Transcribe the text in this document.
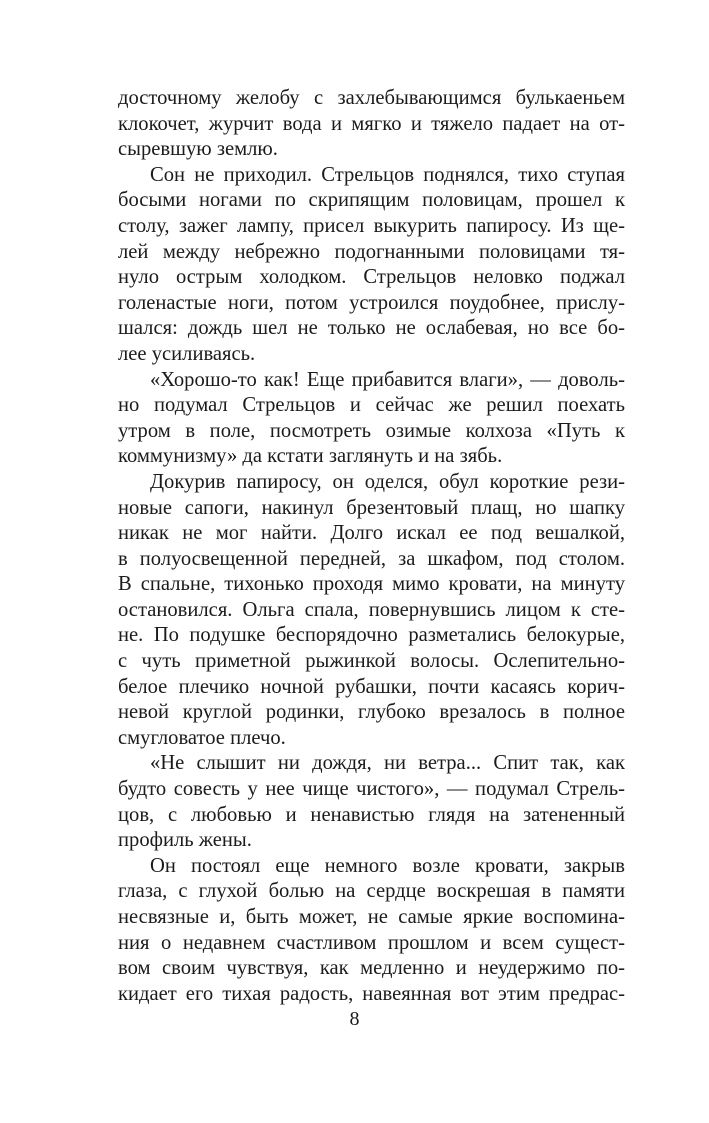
досточному желобу с захлебывающимся булькаеньем
клокочет, журчит вода и мягко и тяжело падает на от-
сыревшую землю.
Сон не приходил. Стрельцов поднялся, тихо ступая
босыми ногами по скрипящим половицам, прошел к
столу, зажег лампу, присел выкурить папиросу. Из ще-
лей между небрежно подогнанными половицами тя-
нуло острым холодком. Стрельцов неловко поджал
голенастые ноги, потом устроился поудобнее, прислу-
шался: дождь шел не только не ослабевая, но все бо-
лее усиливаясь.
«Хорошо-то как! Еще прибавится влаги», — доволь-
но подумал Стрельцов и сейчас же решил поехать
утром в поле, посмотреть озимые колхоза «Путь к
коммунизму» да кстати заглянуть и на зябь.
Докурив папиросу, он оделся, обул короткие рези-
новые сапоги, накинул брезентовый плащ, но шапку
никак не мог найти. Долго искал ее под вешалкой,
в полуосвещенной передней, за шкафом, под столом.
В спальне, тихонько проходя мимо кровати, на минуту
остановился. Ольга спала, повернувшись лицом к сте-
не. По подушке беспорядочно разметались белокурые,
с чуть приметной рыжинкой волосы. Ослепительно-
белое плечико ночной рубашки, почти касаясь корич-
невой круглой родинки, глубоко врезалось в полное
смугловатое плечо.
«Не слышит ни дождя, ни ветра... Спит так, как
будто совесть у нее чище чистого», — подумал Стрель-
цов, с любовью и ненавистью глядя на затененный
профиль жены.
Он постоял еще немного возле кровати, закрыв
глаза, с глухой болью на сердце воскрешая в памяти
несвязные и, быть может, не самые яркие воспомина-
ния о недавнем счастливом прошлом и всем сущест-
вом своим чувствуя, как медленно и неудержимо по-
кидает его тихая радость, навеянная вот этим предрас-
8
